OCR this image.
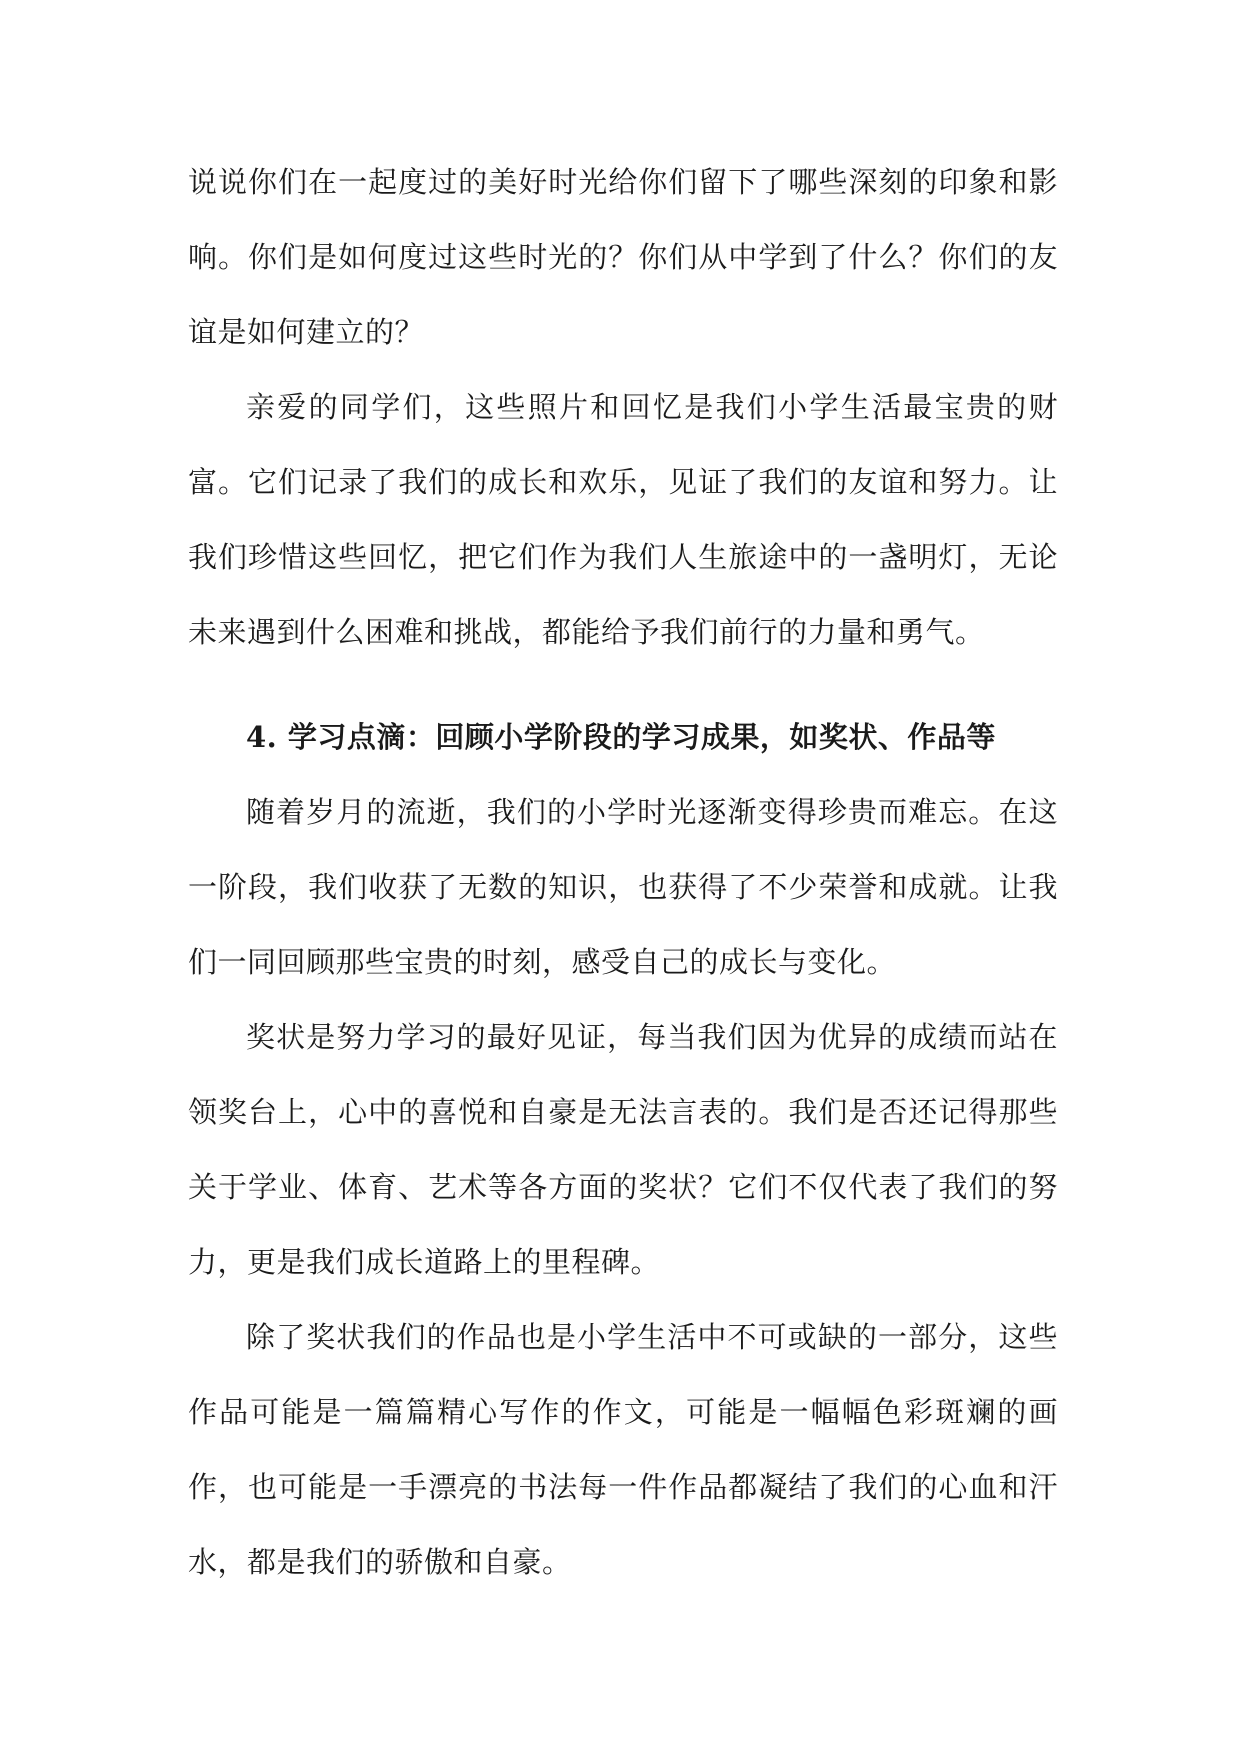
说说你们在一起度过的美好时光给你们留下了哪些深刻的印象和影响。你们是如何度过这些时光的？你们从中学到了什么？你们的友谊是如何建立的？

亲爱的同学们，这些照片和回忆是我们小学生活最宝贵的财富。它们记录了我们的成长和欢乐，见证了我们的友谊和努力。让我们珍惜这些回忆，把它们作为我们人生旅途中的一盏明灯，无论未来遇到什么困难和挑战，都能给予我们前行的力量和勇气。

4. 学习点滴：回顾小学阶段的学习成果，如奖状、作品等

随着岁月的流逝，我们的小学时光逐渐变得珍贵而难忘。在这一阶段，我们收获了无数的知识，也获得了不少荣誉和成就。让我们一同回顾那些宝贵的时刻，感受自己的成长与变化。

奖状是努力学习的最好见证，每当我们因为优异的成绩而站在领奖台上，心中的喜悦和自豪是无法言表的。我们是否还记得那些关于学业、体育、艺术等各方面的奖状？它们不仅代表了我们的努力，更是我们成长道路上的里程碑。

除了奖状我们的作品也是小学生活中不可或缺的一部分，这些作品可能是一篇篇精心写作的作文，可能是一幅幅色彩斑斓的画作，也可能是一手漂亮的书法每一件作品都凝结了我们的心血和汗水，都是我们的骄傲和自豪。
